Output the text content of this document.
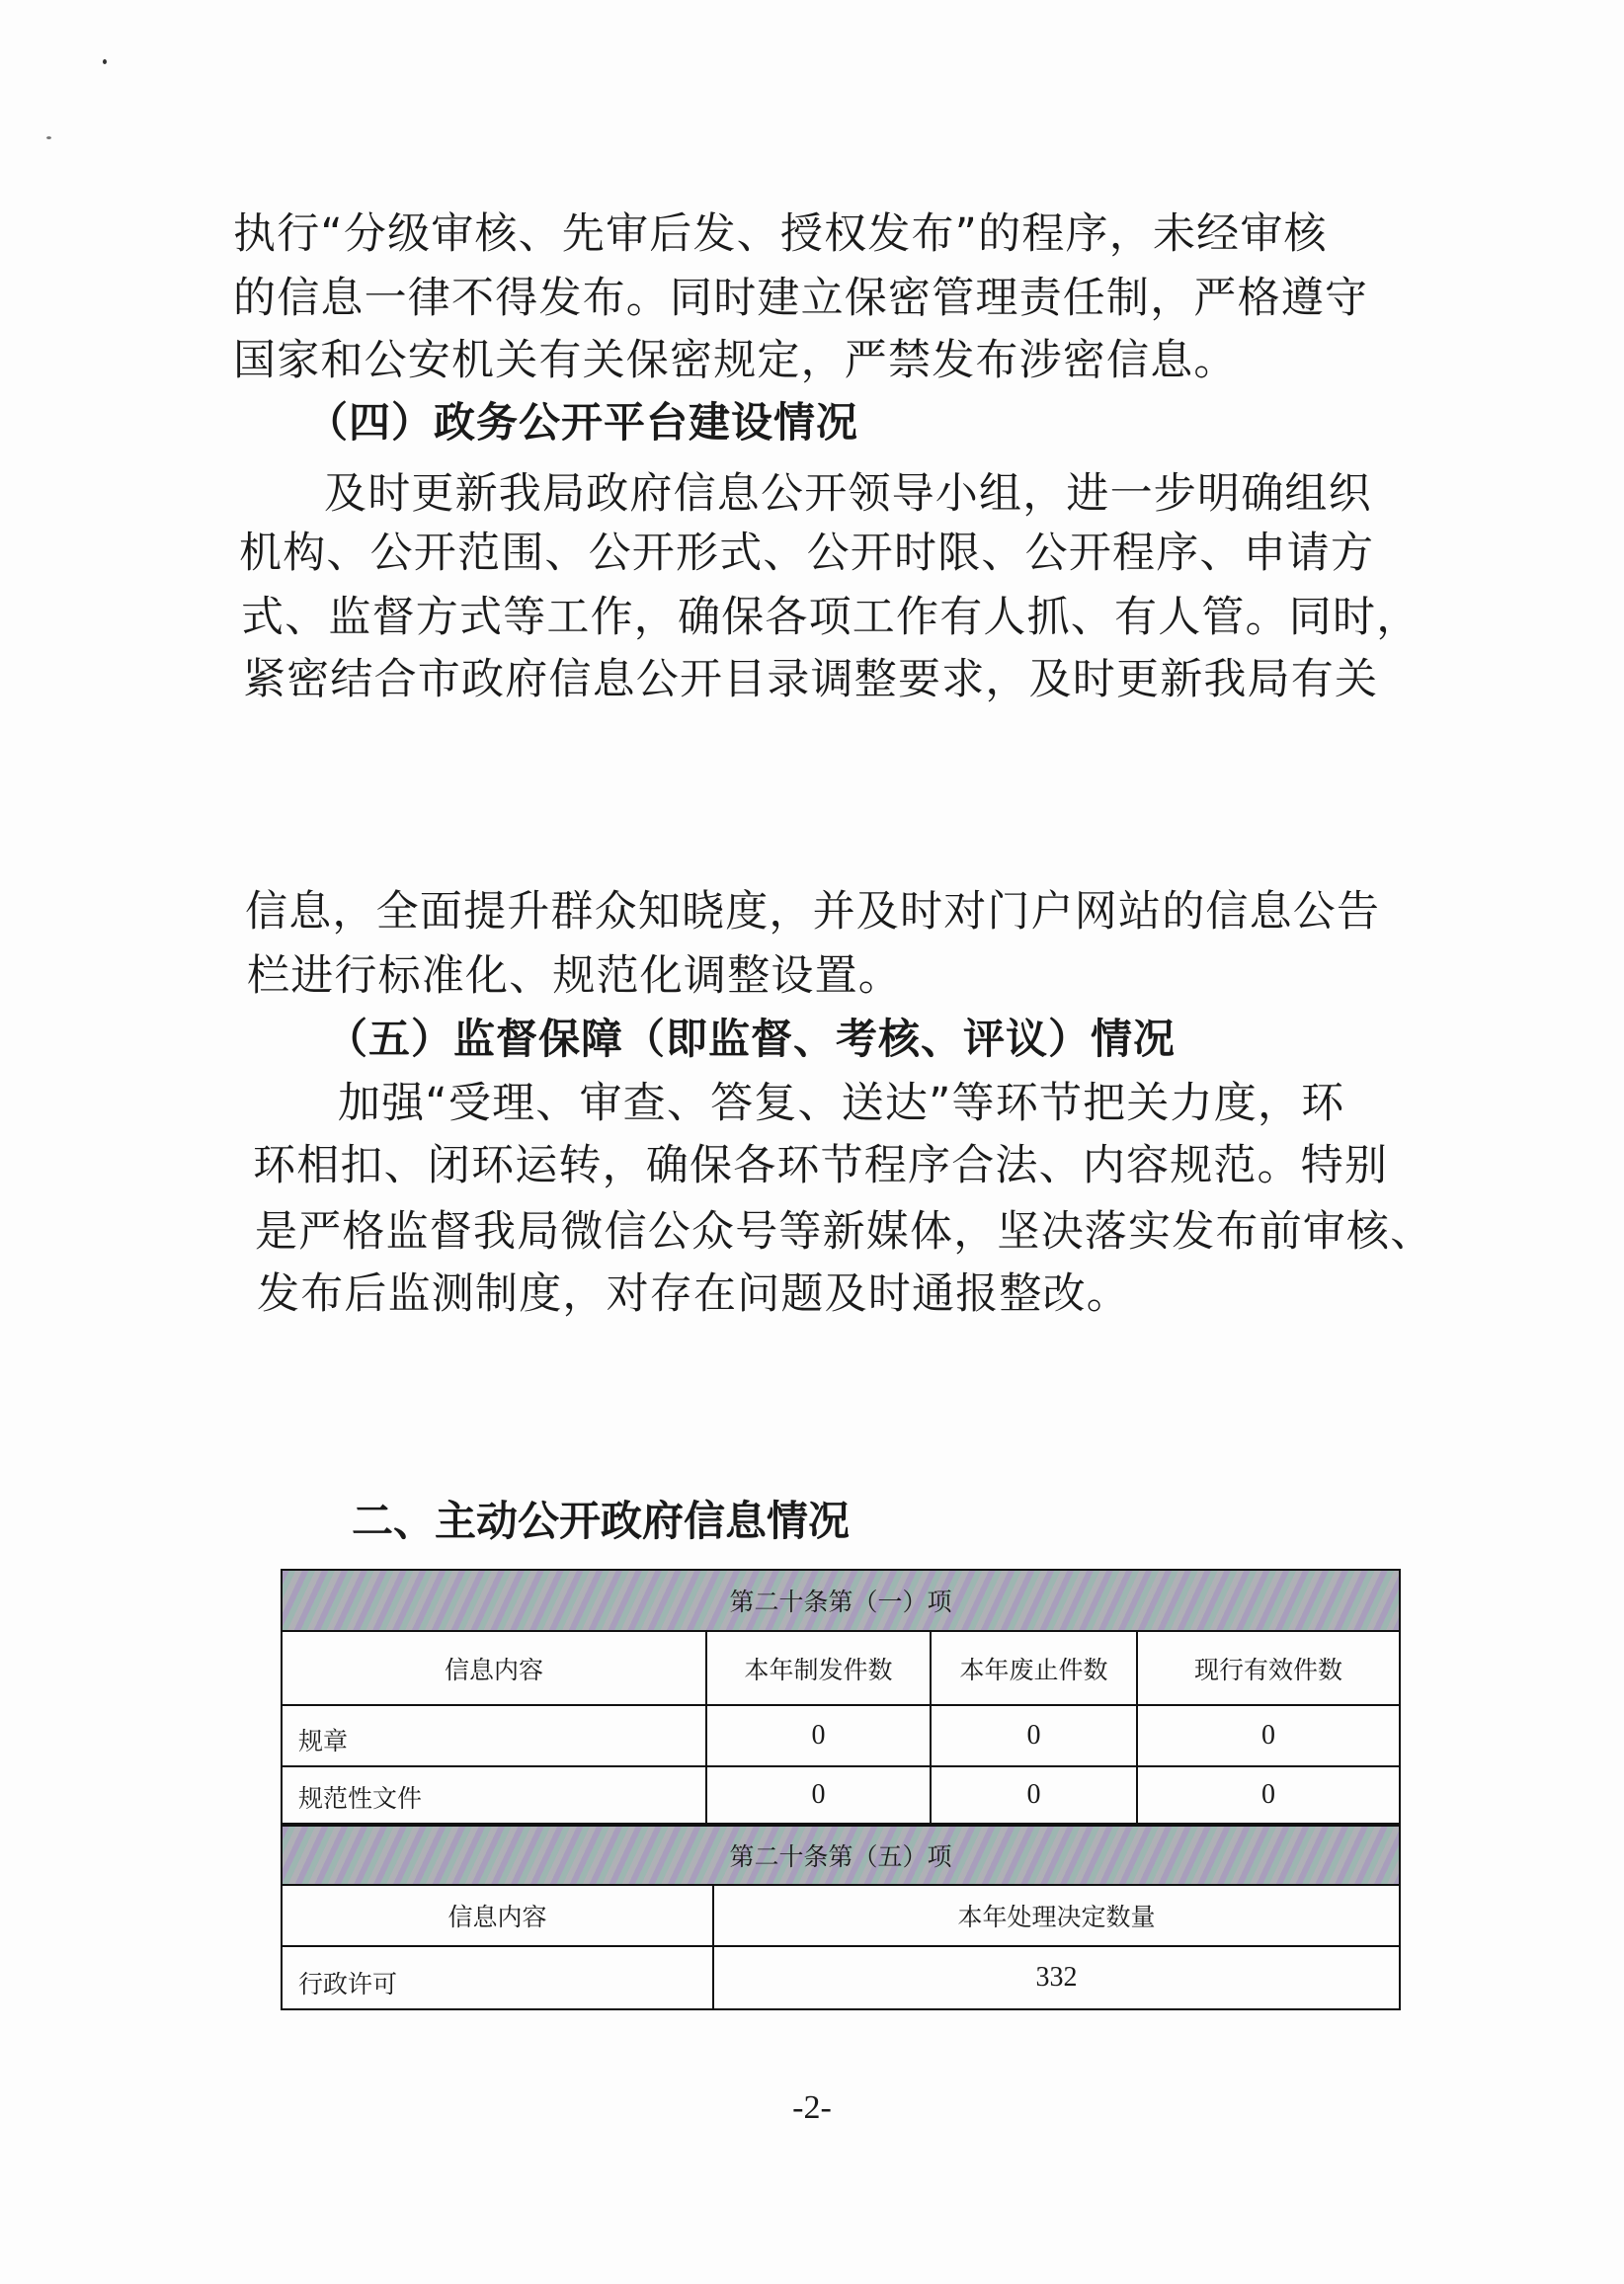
执行“分级审核、先审后发、授权发布”的程序，未经审核
的信息一律不得发布。同时建立保密管理责任制，严格遵守
国家和公安机关有关保密规定，严禁发布涉密信息。
（四）政务公开平台建设情况
及时更新我局政府信息公开领导小组，进一步明确组织
机构、公开范围、公开形式、公开时限、公开程序、申请方
式、监督方式等工作，确保各项工作有人抓、有人管。同时，
紧密结合市政府信息公开目录调整要求，及时更新我局有关
信息，全面提升群众知晓度，并及时对门户网站的信息公告
栏进行标准化、规范化调整设置。
（五）监督保障（即监督、考核、评议）情况
加强“受理、审查、答复、送达”等环节把关力度，环
环相扣、闭环运转，确保各环节程序合法、内容规范。特别
是严格监督我局微信公众号等新媒体，坚决落实发布前审核、
发布后监测制度，对存在问题及时通报整改。
二、主动公开政府信息情况
第二十条第（一）项
信息内容	本年制发件数	本年废止件数	现行有效件数
规章	0	0	0
规范性文件	0	0	0
第二十条第（五）项
信息内容	本年处理决定数量
行政许可	332
-2-
